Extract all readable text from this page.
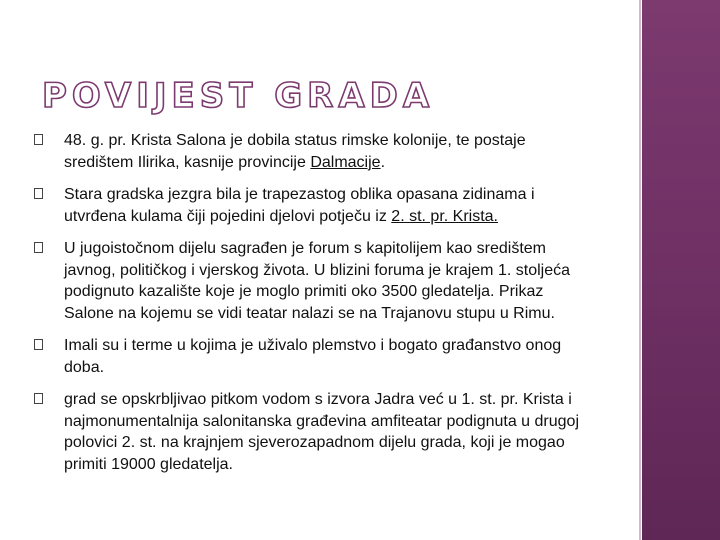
POVIJEST GRADA
48. g. pr. Krista Salona je dobila status rimske kolonije, te postaje središtem Ilirika, kasnije provincije Dalmacije.
Stara gradska jezgra bila je trapezastog oblika opasana zidinama i utvrđena kulama čiji pojedini djelovi potječu iz 2. st. pr. Krista.
U jugoistočnom dijelu sagrađen je forum s kapitolijem kao središtem javnog, političkog i vjerskog života. U blizini foruma je krajem 1. stoljeća podignuto kazalište koje je moglo primiti oko 3500 gledatelja. Prikaz Salone na kojemu se vidi teatar nalazi se na Trajanovu stupu u Rimu.
Imali su i terme u kojima je uživalo plemstvo i bogato građanstvo onog doba.
grad se opskrbljivao pitkom vodom s izvora Jadra već u 1. st. pr. Krista i najmonumentalnija salonitanska građevina amfiteatar podignuta u drugoj polovici 2. st. na krajnjem sjeverozapadnom dijelu grada, koji je mogao primiti 19000 gledatelja.
